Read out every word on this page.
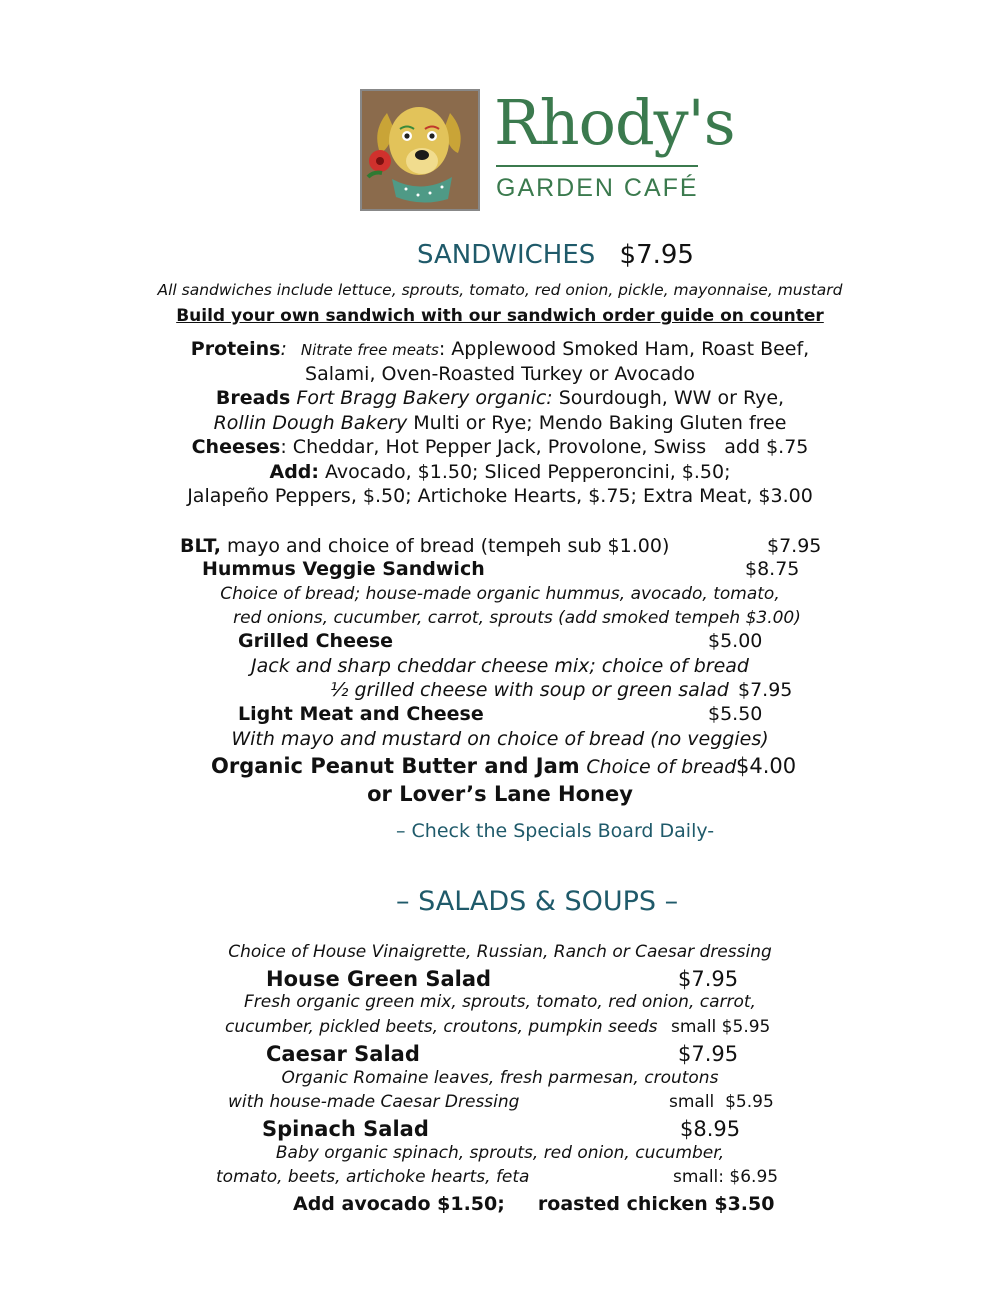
Rhody's
GARDEN CAFÉ
SANDWICHES $7.95
All sandwiches include lettuce, sprouts, tomato, red onion, pickle, mayonnaise, mustard
Build your own sandwich with our sandwich order guide on counter
Proteins: Nitrate free meats: Applewood Smoked Ham, Roast Beef,
Salami, Oven-Roasted Turkey or Avocado
Breads Fort Bragg Bakery organic: Sourdough, WW or Rye,
Rollin Dough Bakery Multi or Rye; Mendo Baking Gluten free
Cheeses: Cheddar, Hot Pepper Jack, Provolone, Swiss   add $.75
Add: Avocado, $1.50; Sliced Pepperoncini, $.50;
Jalapeño Peppers, $.50; Artichoke Hearts, $.75; Extra Meat, $3.00
BLT, mayo and choice of bread (tempeh sub $1.00)	$7.95
Hummus Veggie Sandwich	$8.75
Choice of bread; house-made organic hummus, avocado, tomato,
red onions, cucumber, carrot, sprouts (add smoked tempeh $3.00)
Grilled Cheese	$5.00
Jack and sharp cheddar cheese mix; choice of bread
½ grilled cheese with soup or green salad $7.95
Light Meat and Cheese	$5.50
With mayo and mustard on choice of bread (no veggies)
Organic Peanut Butter and Jam Choice of bread $4.00
or Lover’s Lane Honey
– Check the Specials Board Daily-
– SALADS & SOUPS –
Choice of House Vinaigrette, Russian, Ranch or Caesar dressing
House Green Salad	$7.95
Fresh organic green mix, sprouts, tomato, red onion, carrot,
cucumber, pickled beets, croutons, pumpkin seeds small $5.95
Caesar Salad	$7.95
Organic Romaine leaves, fresh parmesan, croutons
with house-made Caesar Dressing	small  $5.95
Spinach Salad	$8.95
Baby organic spinach, sprouts, red onion, cucumber,
tomato, beets, artichoke hearts, feta	small: $6.95
Add avocado $1.50;     roasted chicken $3.50
